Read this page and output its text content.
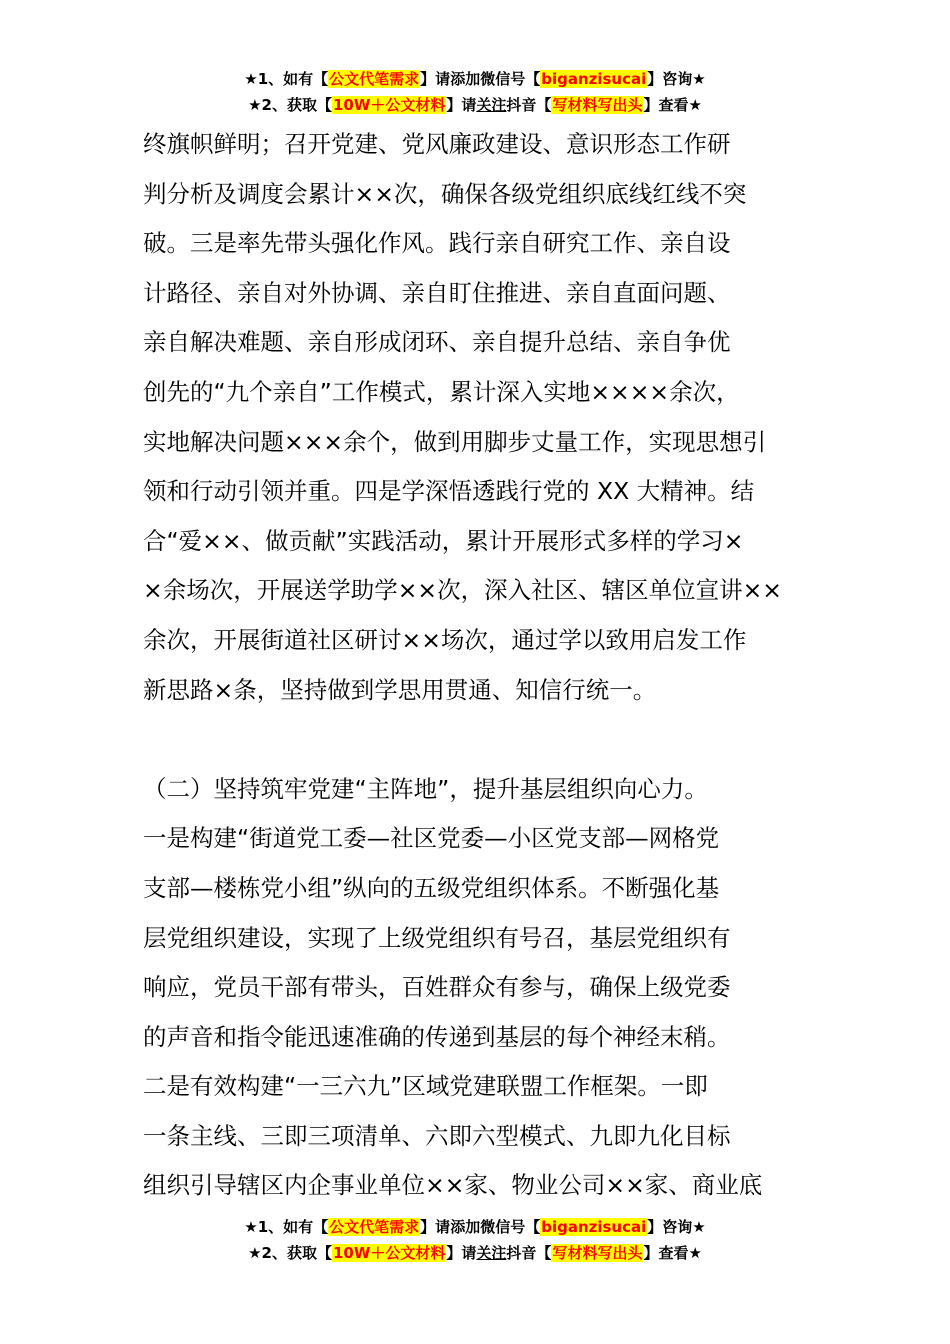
★1、如有【公文代笔需求】请添加微信号【biganzisucai】咨询★
★2、获取【10W＋公文材料】请关注抖音【写材料写出头】查看★
终旗帜鲜明；召开党建、党风廉政建设、意识形态工作研
判分析及调度会累计××次，确保各级党组织底线红线不突
破。三是率先带头强化作风。践行亲自研究工作、亲自设
计路径、亲自对外协调、亲自盯住推进、亲自直面问题、
亲自解决难题、亲自形成闭环、亲自提升总结、亲自争优
创先的“九个亲自”工作模式，累计深入实地××××余次，
实地解决问题×××余个，做到用脚步丈量工作，实现思想引
领和行动引领并重。四是学深悟透践行党的 XX 大精神。结
合“爱××、做贡献”实践活动，累计开展形式多样的学习×
×余场次，开展送学助学××次，深入社区、辖区单位宣讲××
余次，开展街道社区研讨××场次，通过学以致用启发工作
新思路×条，坚持做到学思用贯通、知信行统一。
（二）坚持筑牢党建“主阵地”，提升基层组织向心力。
一是构建“街道党工委—社区党委—小区党支部—网格党
支部—楼栋党小组”纵向的五级党组织体系。不断强化基
层党组织建设，实现了上级党组织有号召，基层党组织有
响应，党员干部有带头，百姓群众有参与，确保上级党委
的声音和指令能迅速准确的传递到基层的每个神经末稍。
二是有效构建“一三六九”区域党建联盟工作框架。一即
一条主线、三即三项清单、六即六型模式、九即九化目标
组织引导辖区内企事业单位××家、物业公司××家、商业底
★1、如有【公文代笔需求】请添加微信号【biganzisucai】咨询★
★2、获取【10W＋公文材料】请关注抖音【写材料写出头】查看★
